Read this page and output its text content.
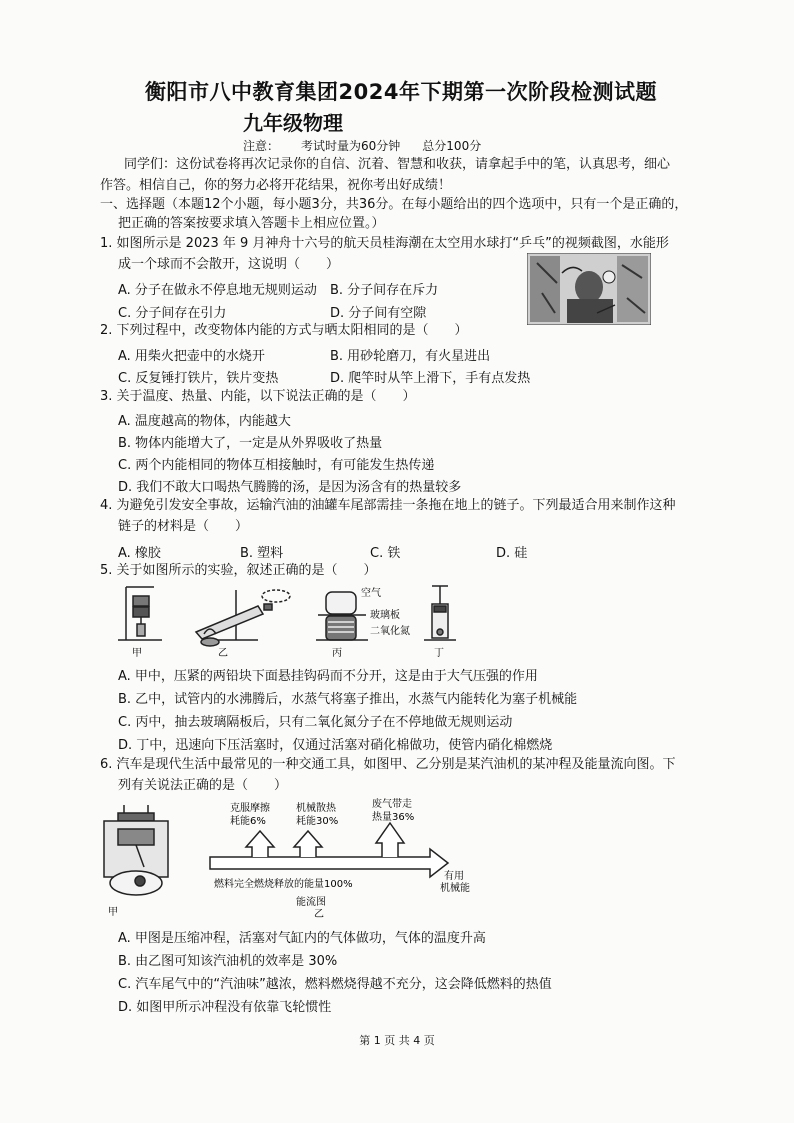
衡阳市八中教育集团2024年下期第一次阶段检测试题
九年级物理
注意： 考试时量为60分钟 总分100分
同学们：这份试卷将再次记录你的自信、沉着、智慧和收获，请拿起手中的笔，认真思考，细心
作答。相信自己，你的努力必将开花结果，祝你考出好成绩！
一、选择题（本题12个小题，每小题3分，共36分。在每小题给出的四个选项中，只有一个是正确的，
把正确的答案按要求填入答题卡上相应位置。）
1. 如图所示是 2023 年 9 月神舟十六号的航天员桂海潮在太空用水球打“乒乓”的视频截图，水能形
成一个球而不会散开，这说明（　　）
A. 分子在做永不停息地无规则运动 B. 分子间存在斥力
C. 分子间存在引力	D. 分子间有空隙
2. 下列过程中，改变物体内能的方式与晒太阳相同的是（　　）
A. 用柴火把壶中的水烧开	B. 用砂轮磨刀，有火星进出
C. 反复锤打铁片，铁片变热	D. 爬竿时从竿上滑下，手有点发热
3. 关于温度、热量、内能，以下说法正确的是（　　）
A. 温度越高的物体，内能越大
B. 物体内能增大了，一定是从外界吸收了热量
C. 两个内能相同的物体互相接触时，有可能发生热传递
D. 我们不敢大口喝热气腾腾的汤，是因为汤含有的热量较多
4. 为避免引发安全事故，运输汽油的油罐车尾部需挂一条拖在地上的链子。下列最适合用来制作这种
链子的材料是（　　）
A. 橡胶	B. 塑料	C. 铁	D. 硅
5. 关于如图所示的实验，叙述正确的是（　　）
空气
玻璃板
二氧化氮
甲	乙	丙	丁
A. 甲中，压紧的两铅块下面悬挂钩码而不分开，这是由于大气压强的作用
B. 乙中，试管内的水沸腾后，水蒸气将塞子推出，水蒸气内能转化为塞子机械能
C. 丙中，抽去玻璃隔板后，只有二氧化氮分子在不停地做无规则运动
D. 丁中，迅速向下压活塞时，仅通过活塞对硝化棉做功，使管内硝化棉燃烧
6. 汽车是现代生活中最常见的一种交通工具，如图甲、乙分别是某汽油机的某冲程及能量流向图。下
列有关说法正确的是（　　）
甲
克服摩擦
耗能6%
机械散热
耗能30%
废气带走
热量36%
燃料完全燃烧释放的能量100%
有用
机械能
能流图
乙
A. 甲图是压缩冲程，活塞对气缸内的气体做功，气体的温度升高
B. 由乙图可知该汽油机的效率是 30%
C. 汽车尾气中的“汽油味”越浓，燃料燃烧得越不充分，这会降低燃料的热值
D. 如图甲所示冲程没有依靠飞轮惯性
第 1 页 共 4 页
